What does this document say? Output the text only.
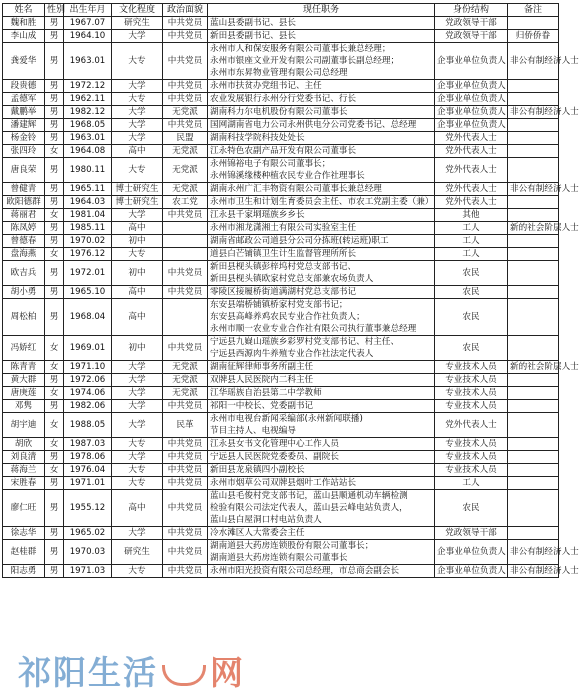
姓名	性别	出生年月	文化程度	政治面貌	现任职务	身份结构	备注
魏和胜	男	1967.07	研究生	中共党员	蓝山县委副书记、县长	党政领导干部	
李山成	男	1964.10	大学	中共党员	新田县委副书记、县长	党政领导干部	归侨侨眷
龚爱华	男	1963.01	大专	中共党员	永州市人和保安服务有限公司董事长兼总经理；
永州市银座文业开发有限公司副董事长副总经理；
永州市东昇物业管理有限公司总经理	企事业单位负责人	非公有制经济人士
段贵德	男	1972.12	大学	中共党员	永州市扶贫办党组书记、主任	企事业单位负责人	
孟德军	男	1962.11	大专	中共党员	农业发展银行永州分行党委书记、行长	企事业单位负责人	
戴鹏举	男	1982.12	大学	无党派	湖南科力尔电机股份有限公司董事长	企事业单位负责人	非公有制经济人士
潘建辉	男	1968.05	大学	中共党员	国网湖南省电力公司永州供电分公司党委书记、总经理	企事业单位负责人	
杨金铃	男	1963.01	大学	民盟	湖南科技学院科技处处长	党外代表人士	
张四玲	女	1964.08	高中	无党派	江永特色农副产品开发有限公司董事长	党外代表人士	
唐良荣	男	1980.11	大专	无党派	永州锦裕电子有限公司董事长；
永州锦溪缘楼种植农民专业合作社理事长	党外代表人士	
曾健青	男	1965.11	博士研究生	无党派	湖南永州广汇丰物资有限公司董事长兼总经理	党外代表人士	非公有制经济人士
欧阳德群	男	1964.03	博士研究生	农工党	永州市卫生和计划生育委员会主任、市农工党副主委（兼）	党外代表人士	
蒋丽君	女	1981.04	大学	中共党员	江永县千家垌瑶族乡乡长	其他	
陈凤婷	男	1985.11	高中		永州市湘龙潇湘土有限公司实验室主任	工人	新的社会阶层人士
曾德春	男	1970.02	初中		湖南省邮政公司道县分公司分拣班(转运班)职工	工人	
盘海燕	女	1976.12	大专		道县白芒铺镇卫生计生监督管理所所长	工人	
欧吉兵	男	1972.01	初中	中共党员	新田县枧头镇彭梓坞村党总支部书记、
新田县枧头镇欧家村党总支部兼农场负责人	农民	
胡小勇	男	1965.10	高中	中共党员	零陵区接履桥街道满湖村党总支部书记	农民	
周松柏	男	1968.04	高中		东安县端桥铺镇桥家村党支部书记；
东安县高峰养鸡农民专业合作社负责人；
永州市顺一农业专业合作社有限公司执行董事兼总经理	农民	
冯娇红	女	1969.01	初中	中共党员	宁远县九嶷山瑶族乡彩罗村党支部书记、村主任、
宁远县西源肉牛养殖专业合作社法定代表人	农民	
陈青青	女	1971.10	大学	无党派	湖南征辉律师事务所副主任	专业技术人员	新的社会阶层人士
黄大群	男	1972.06	大学	无党派	双牌县人民医院内二科主任	专业技术人员	
唐庚莲	女	1974.06	大学	无党派	江华瑶族自治县第二中学教师	专业技术人员	
邓隽	男	1982.06	大学	中共党员	祁阳一中校长、党委副书记	专业技术人员	
胡宇迪	女	1988.05	大学	民革	永州市电视台新闻采编部(永州新闻联播)
节目主持人、电视编导	党外代表人士	
胡欣	女	1987.03	大专	中共党员	江永县女书文化管理中心工作人员	专业技术人员	
刘良清	男	1978.06	大学	中共党员	宁远县人民医院党委委员、副院长	专业技术人员	
蒋海兰	女	1976.04	大专	中共党员	新田县龙泉镇四小副校长	专业技术人员	
宋胜春	男	1971.01	大专	中共党员	永州市烟草公司双牌县烟叶工作站站长	工人	
廖仁旺	男	1955.12	高中	中共党员	蓝山县毛俊村党支部书记，蓝山县顺通机动车辆检测
检验有限公司法定代表人，蓝山县云峰电站负责人，
蓝山县白屋洞口村电站负责人	农民	
徐志华	男	1965.02	大学	中共党员	冷水滩区人大常委会主任	党政领导干部	
赵桂群	男	1970.03	研究生	中共党员	湖南道县大药房连锁股份有限公司董事长；
湖南道县大药房连锁有限公司董事长	企事业单位负责人	非公有制经济人士
阳志勇	男	1971.03	大专	中共党员	永州市阳光投资有限公司总经理，市总商会副会长	企事业单位负责人	非公有制经济人士
祁阳生活 网
